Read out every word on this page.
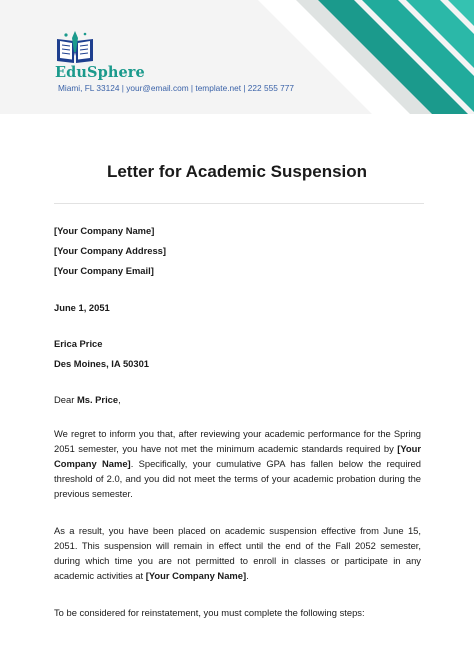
EduSphere
Miami, FL 33124 | your@email.com | template.net | 222 555 777
Letter for Academic Suspension
[Your Company Name]
[Your Company Address]
[Your Company Email]
June 1, 2051
Erica Price
Des Moines, IA 50301
Dear Ms. Price,
We regret to inform you that, after reviewing your academic performance for the Spring 2051 semester, you have not met the minimum academic standards required by [Your Company Name]. Specifically, your cumulative GPA has fallen below the required threshold of 2.0, and you did not meet the terms of your academic probation during the previous semester.
As a result, you have been placed on academic suspension effective from June 15, 2051. This suspension will remain in effect until the end of the Fall 2052 semester, during which time you are not permitted to enroll in classes or participate in any academic activities at [Your Company Name].
To be considered for reinstatement, you must complete the following steps:
